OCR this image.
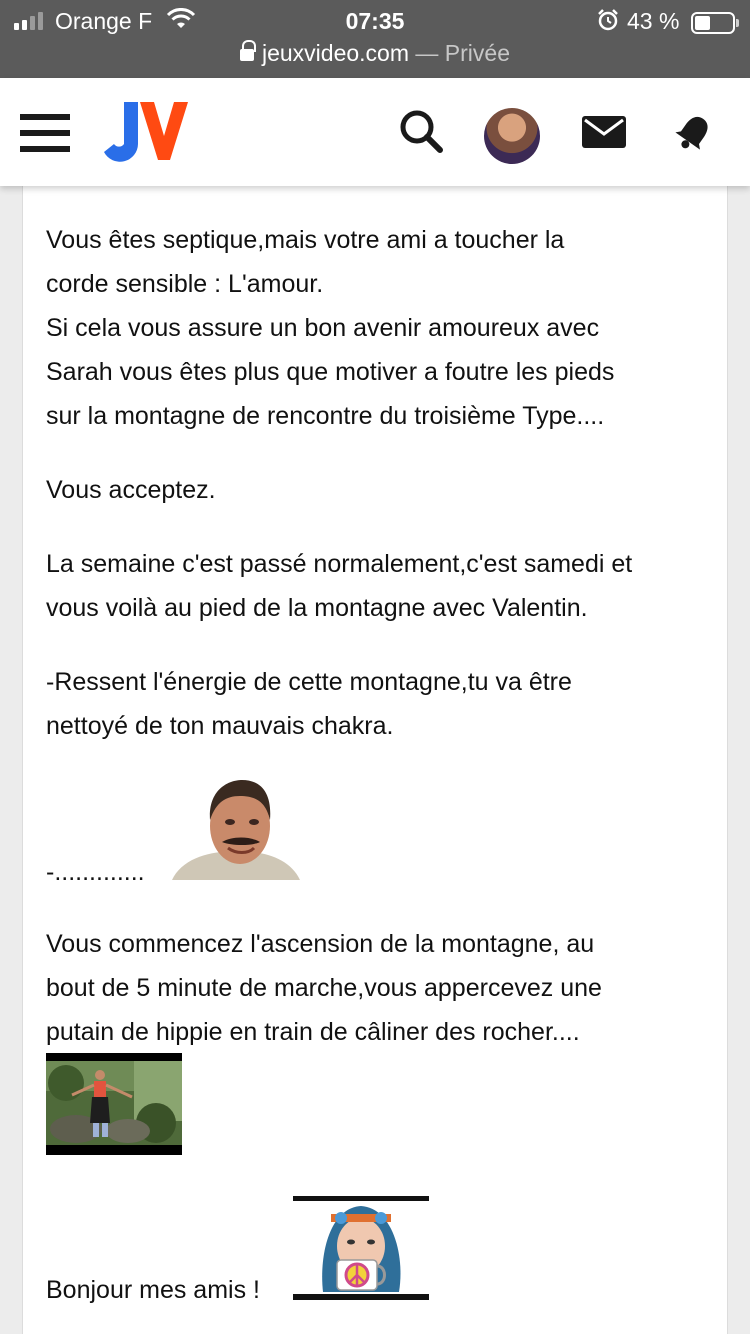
Orange F	07:35	43 %
jeuxvideo.com — Privée
Vous êtes septique,mais votre ami a toucher la
corde sensible : L'amour.
Si cela vous assure un bon avenir amoureux avec
Sarah vous êtes plus que motiver a foutre les pieds
sur la montagne de rencontre du troisième Type....
Vous acceptez.
La semaine c'est passé normalement,c'est samedi et
vous voilà au pied de la montagne avec Valentin.
-Ressent l'énergie de cette montagne,tu va être
nettoyé de ton mauvais chakra.
-.............
Vous commencez l'ascension de la montagne, au
bout de 5 minute de marche,vous appercevez une
putain de hippie en train de câliner des rocher....
Bonjour mes amis !
